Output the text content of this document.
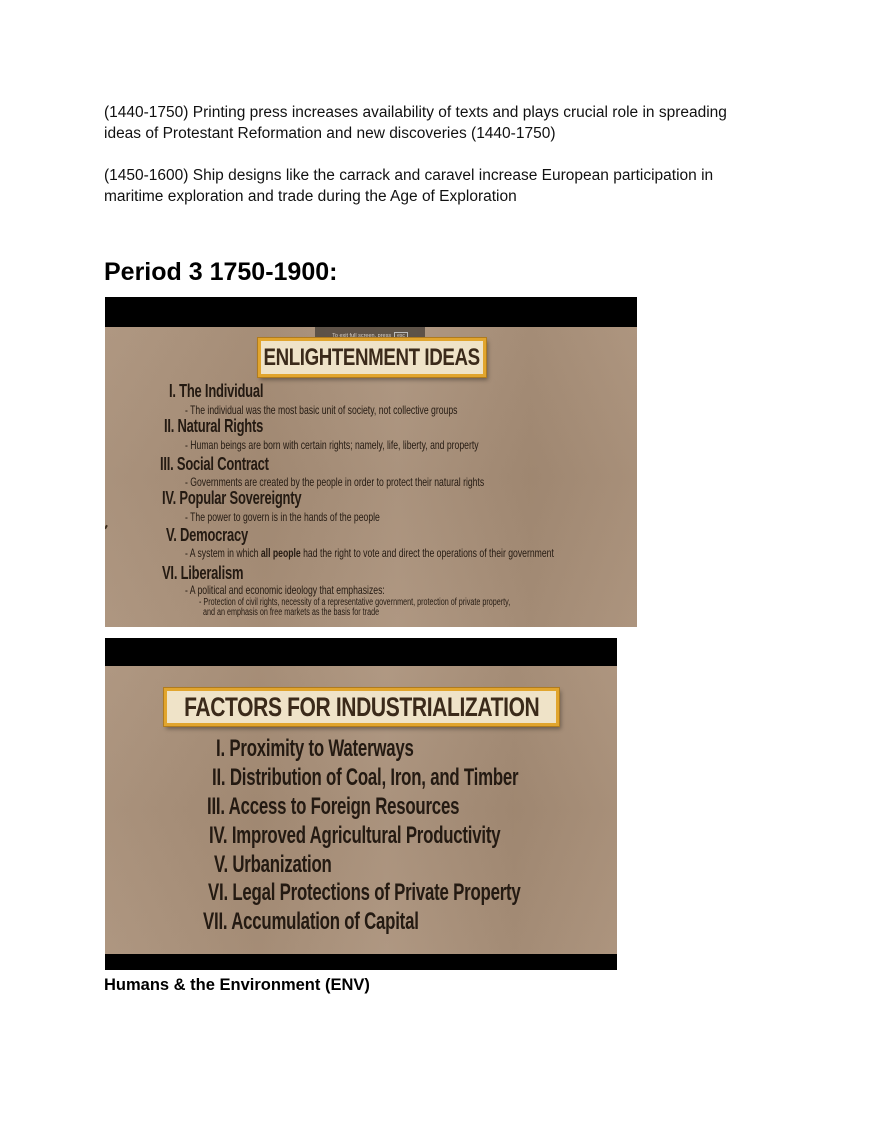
(1440-1750) Printing press increases availability of texts and plays crucial role in spreading
ideas of Protestant Reformation and new discoveries (1440-1750)
(1450-1600) Ship designs like the carrack and caravel increase European participation in
maritime exploration and trade during the Age of Exploration
Period 3 1750-1900:
To exit full screen, press	esc
ENLIGHTENMENT IDEAS
I. The Individual
- The individual was the most basic unit of society, not collective groups
II. Natural Rights
- Human beings are born with certain rights; namely, life, liberty, and property
III. Social Contract
- Governments are created by the people in order to protect their natural rights
IV. Popular Sovereignty
- The power to govern is in the hands of the people
V. Democracy
- A system in which all people had the right to vote and direct the operations of their government
VI. Liberalism
- A political and economic ideology that emphasizes:
- Protection of civil rights, necessity of a representative government, protection of private property,
and an emphasis on free markets as the basis for trade
FACTORS FOR INDUSTRIALIZATION
I. Proximity to Waterways
II. Distribution of Coal, Iron, and Timber
III. Access to Foreign Resources
IV. Improved Agricultural Productivity
V. Urbanization
VI. Legal Protections of Private Property
VII. Accumulation of Capital
Humans & the Environment (ENV)
